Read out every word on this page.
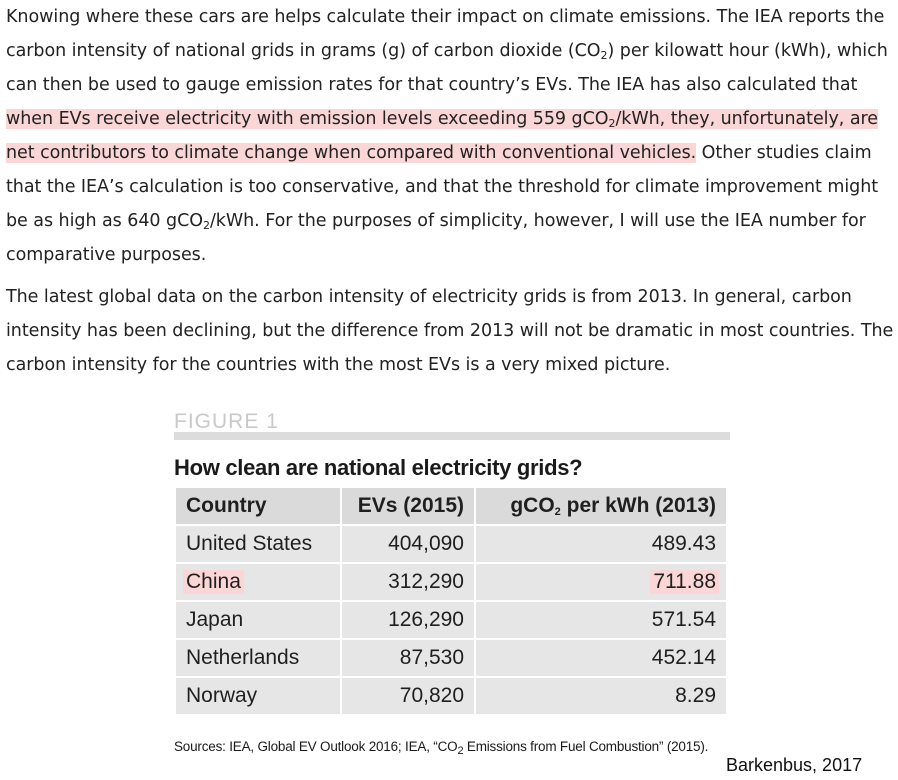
Knowing where these cars are helps calculate their impact on climate emissions. The IEA reports the carbon intensity of national grids in grams (g) of carbon dioxide $(CO_2)$ per kilowatt hour (kWh), which can then be used to gauge emission rates for that country’s EVs. The IEA has also calculated that when EVs receive electricity with emission levels exceeding 559 gCO$_2$/kWh, they, unfortunately, are net contributors to climate change when compared with conventional vehicles. Other studies claim that the IEA’s calculation is too conservative, and that the threshold for climate improvement might be as high as 640 gCO$_2$/kWh. For the purposes of simplicity, however, I will use the IEA number for comparative purposes.

The latest global data on the carbon intensity of electricity grids is from 2013. In general, carbon intensity has been declining, but the difference from 2013 will not be dramatic in most countries. The carbon intensity for the countries with the most EVs is a very mixed picture.

FIGURE 1
How clean are national electricity grids?
Country	EVs (2015)	gCO$_2$ per kWh (2013)
United States	404,090	489.43
China	312,290	711.88
Japan	126,290	571.54
Netherlands	87,530	452.14
Norway	70,820	8.29
Sources: IEA, Global EV Outlook 2016; IEA, “$CO_2$ Emissions from Fuel Combustion” (2015).
Barkenbus, 2017
